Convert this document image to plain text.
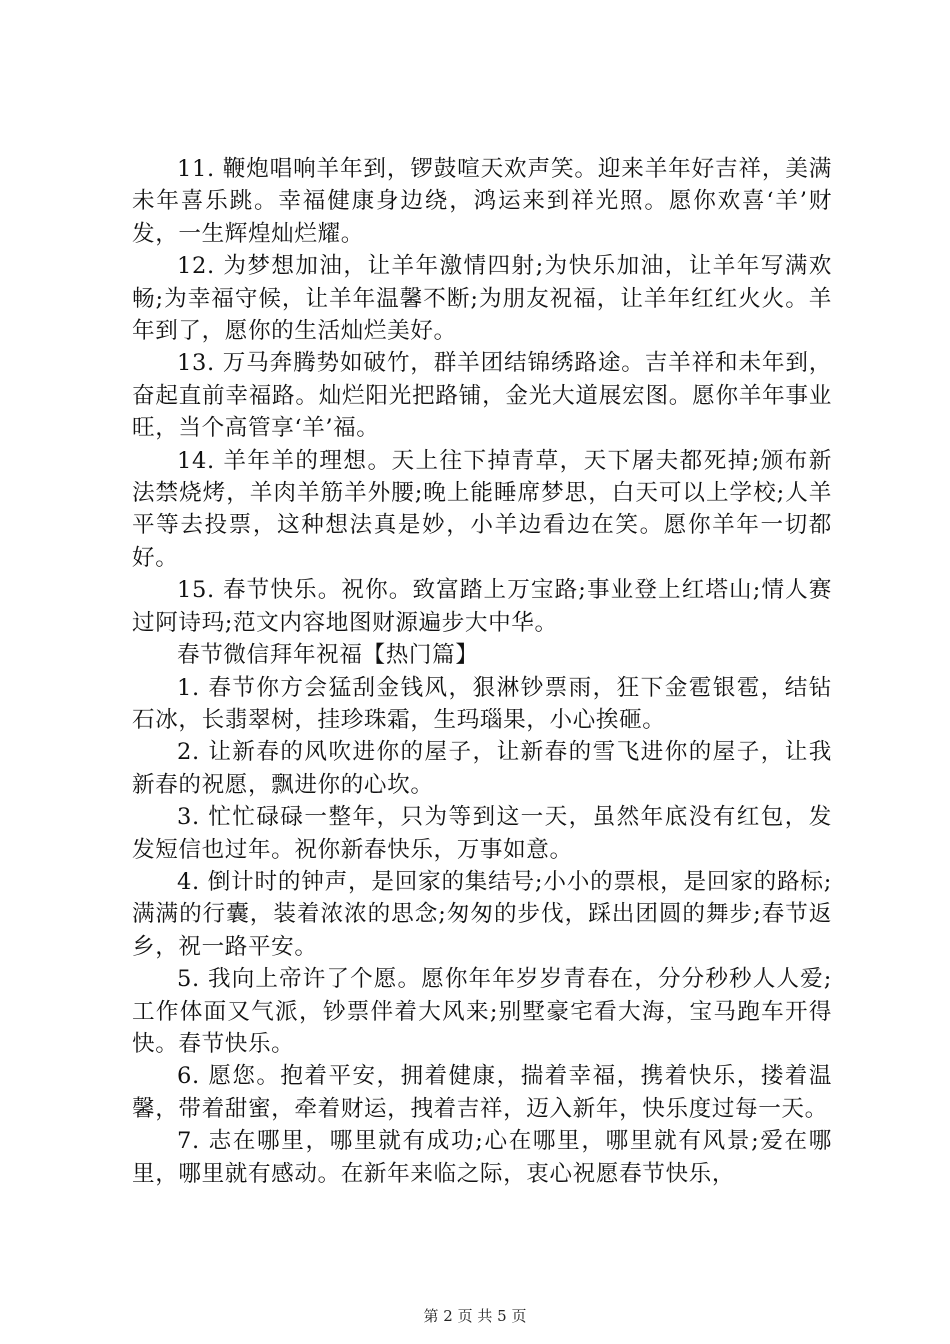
11. 鞭炮唱响羊年到，锣鼓喧天欢声笑。迎来羊年好吉祥，美满未年喜乐跳。幸福健康身边绕，鸿运来到祥光照。愿你欢喜‘羊’财发，一生辉煌灿烂耀。

12. 为梦想加油，让羊年激情四射;为快乐加油，让羊年写满欢畅;为幸福守候，让羊年温馨不断;为朋友祝福，让羊年红红火火。羊年到了，愿你的生活灿烂美好。

13. 万马奔腾势如破竹，群羊团结锦绣路途。吉羊祥和未年到，奋起直前幸福路。灿烂阳光把路铺，金光大道展宏图。愿你羊年事业旺，当个高管享‘羊’福。

14. 羊年羊的理想。天上往下掉青草，天下屠夫都死掉;颁布新法禁烧烤，羊肉羊筋羊外腰;晚上能睡席梦思，白天可以上学校;人羊平等去投票，这种想法真是妙，小羊边看边在笑。愿你羊年一切都好。

15. 春节快乐。祝你。致富踏上万宝路;事业登上红塔山;情人赛过阿诗玛;范文内容地图财源遍步大中华。

春节微信拜年祝福【热门篇】

1. 春节你方会猛刮金钱风，狠淋钞票雨，狂下金雹银雹，结钻石冰，长翡翠树，挂珍珠霜，生玛瑙果，小心挨砸。

2. 让新春的风吹进你的屋子，让新春的雪飞进你的屋子，让我新春的祝愿，飘进你的心坎。

3. 忙忙碌碌一整年，只为等到这一天，虽然年底没有红包，发发短信也过年。祝你新春快乐，万事如意。

4. 倒计时的钟声，是回家的集结号;小小的票根，是回家的路标;满满的行囊，装着浓浓的思念;匆匆的步伐，踩出团圆的舞步;春节返乡，祝一路平安。

5. 我向上帝许了个愿。愿你年年岁岁青春在，分分秒秒人人爱;工作体面又气派，钞票伴着大风来;别墅豪宅看大海，宝马跑车开得快。春节快乐。

6. 愿您。抱着平安，拥着健康，揣着幸福，携着快乐，搂着温馨，带着甜蜜，牵着财运，拽着吉祥，迈入新年，快乐度过每一天。

7. 志在哪里，哪里就有成功;心在哪里，哪里就有风景;爱在哪里，哪里就有感动。在新年来临之际，衷心祝愿春节快乐，

第 2 页 共 5 页
